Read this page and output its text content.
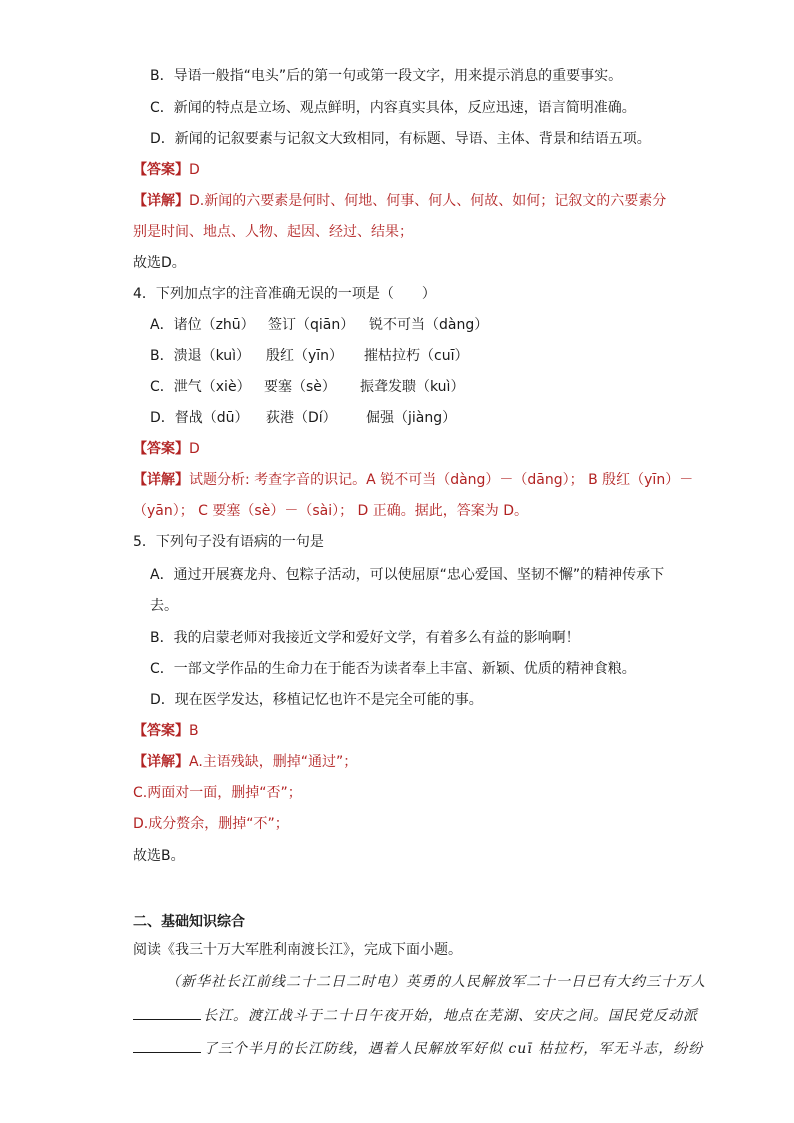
B．导语一般指“电头”后的第一句或第一段文字，用来提示消息的重要事实。
C．新闻的特点是立场、观点鲜明，内容真实具体，反应迅速，语言简明准确。
D．新闻的记叙要素与记叙文大致相同，有标题、导语、主体、背景和结语五项。
【答案】D
【详解】D.新闻的六要素是何时、何地、何事、何人、何故、如何；记叙文的六要素分
别是时间、地点、人物、起因、经过、结果；
故选D。
4．下列加点字的注音准确无误的一项是（　　）
A．诸位（zhū） 签订（qiān） 锐不可当（dàng）
B．溃退（kuì） 殷红（yīn） 摧枯拉朽（cuī）
C．泄气（xiè） 要塞（sè） 振聋发聩（kuì）
D．督战（dū） 荻港（Dí） 倔强（jiàng）
【答案】D
【详解】试题分析: 考查字音的识记。A 锐不可当（dàng）－（dāng）； B 殷红（yīn）－
（yān）； C 要塞（sè）－（sài）； D 正确。据此，答案为 D。
5．下列句子没有语病的一句是
A．通过开展赛龙舟、包粽子活动，可以使屈原“忠心爱国、坚韧不懈”的精神传承下
去。
B．我的启蒙老师对我接近文学和爱好文学，有着多么有益的影响啊！
C．一部文学作品的生命力在于能否为读者奉上丰富、新颖、优质的精神食粮。
D．现在医学发达，移植记忆也许不是完全可能的事。
【答案】B
【详解】A.主语残缺，删掉“通过”；
C.两面对一面，删掉“否”；
D.成分赘余，删掉“不”；
故选B。
二、基础知识综合
阅读《我三十万大军胜利南渡长江》，完成下面小题。
（新华社长江前线二十二日二时电）英勇的人民解放军二十一日已有大约三十万人
长江。渡江战斗于二十日午夜开始，地点在芜湖、安庆之间。国民党反动派
了三个半月的长江防线，遇着人民解放军好似 cuī 枯拉朽，军无斗志，纷纷
